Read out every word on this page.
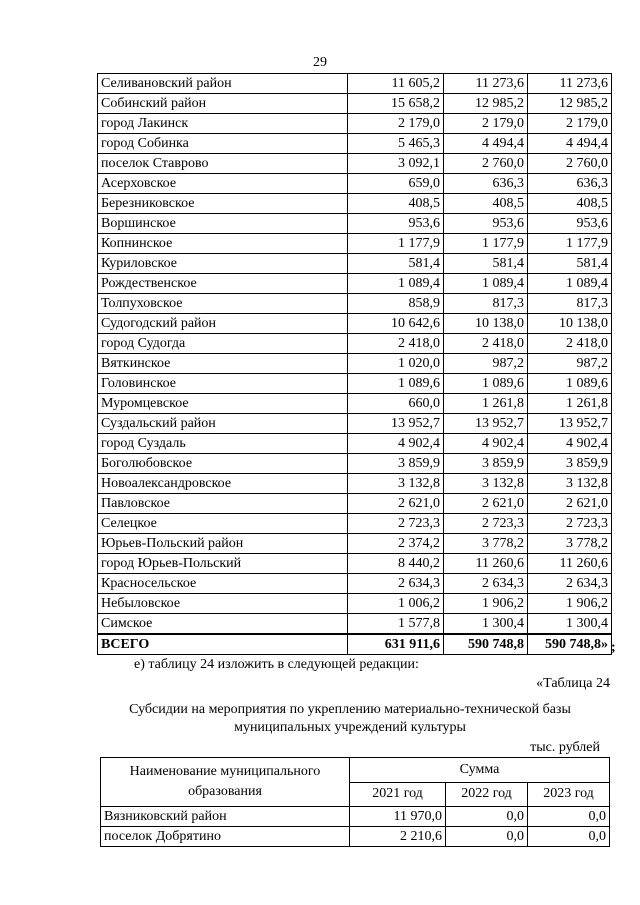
29
Селивановский район	11 605,2	11 273,6	11 273,6
Собинский район	15 658,2	12 985,2	12 985,2
город Лакинск	2 179,0	2 179,0	2 179,0
город Собинка	5 465,3	4 494,4	4 494,4
поселок Ставрово	3 092,1	2 760,0	2 760,0
Асерховское	659,0	636,3	636,3
Березниковское	408,5	408,5	408,5
Воршинское	953,6	953,6	953,6
Копнинское	1 177,9	1 177,9	1 177,9
Куриловское	581,4	581,4	581,4
Рождественское	1 089,4	1 089,4	1 089,4
Толпуховское	858,9	817,3	817,3
Судогодский район	10 642,6	10 138,0	10 138,0
город Судогда	2 418,0	2 418,0	2 418,0
Вяткинское	1 020,0	987,2	987,2
Головинское	1 089,6	1 089,6	1 089,6
Муромцевское	660,0	1 261,8	1 261,8
Суздальский район	13 952,7	13 952,7	13 952,7
город Суздаль	4 902,4	4 902,4	4 902,4
Боголюбовское	3 859,9	3 859,9	3 859,9
Новоалександровское	3 132,8	3 132,8	3 132,8
Павловское	2 621,0	2 621,0	2 621,0
Селецкое	2 723,3	2 723,3	2 723,3
Юрьев-Польский район	2 374,2	3 778,2	3 778,2
город Юрьев-Польский	8 440,2	11 260,6	11 260,6
Красносельское	2 634,3	2 634,3	2 634,3
Небыловское	1 006,2	1 906,2	1 906,2
Симское	1 577,8	1 300,4	1 300,4
ВСЕГО	631 911,6	590 748,8	590 748,8» ;
е) таблицу 24 изложить в следующей редакции:
«Таблица 24
Субсидии на мероприятия по укреплению материально-технической базы
муниципальных учреждений культуры
тыс. рублей
Наименование муниципального образования	Сумма		
	2021 год	2022 год	2023 год
Вязниковский район	11 970,0	0,0	0,0
поселок Добрятино	2 210,6	0,0	0,0
